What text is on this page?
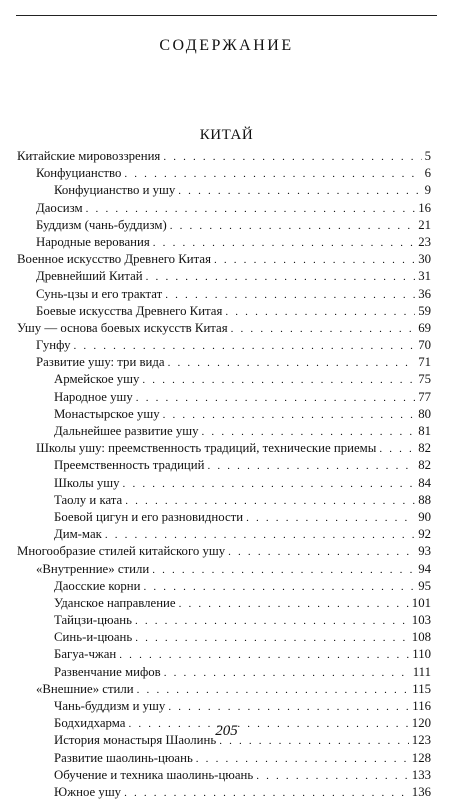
СОДЕРЖАНИЕ
КИТАЙ
Китайские мировоззрения . . .	5
Конфуцианство . . .	6
Конфуцианство и ушу . . .	9
Даосизм . . .	16
Буддизм (чань-буддизм) . . .	21
Народные верования . . .	23
Военное искусство Древнего Китая . . .	30
Древнейший Китай . . .	31
Сунь-цзы и его трактат . . .	36
Боевые искусства Древнего Китая . . .	59
Ушу — основа боевых искусств Китая . . .	69
Гунфу . . .	70
Развитие ушу: три вида . . .	71
Армейское ушу . . .	75
Народное ушу . . .	77
Монастырское ушу . . .	80
Дальнейшее развитие ушу . . .	81
Школы ушу: преемственность традиций, технические приемы . . .	82
Преемственность традиций . . .	82
Школы ушу . . .	84
Таолу и ката . . .	88
Боевой цигун и его разновидности . . .	90
Дим-мак . . .	92
Многообразие стилей китайского ушу . . .	93
«Внутренние» стили . . .	94
Даосские корни . . .	95
Уданское направление . . .	101
Тайцзи-цюань . . .	103
Синь-и-цюань . . .	108
Багуа-чжан . . .	110
Развенчание мифов . . .	111
«Внешние» стили . . .	115
Чань-буддизм и ушу . . .	116
Бодхидхарма . . .	120
История монастыря Шаолинь . . .	123
Развитие шаолинь-цюань . . .	128
Обучение и техника шаолинь-цюань . . .	133
Южное ушу . . .	136
205
